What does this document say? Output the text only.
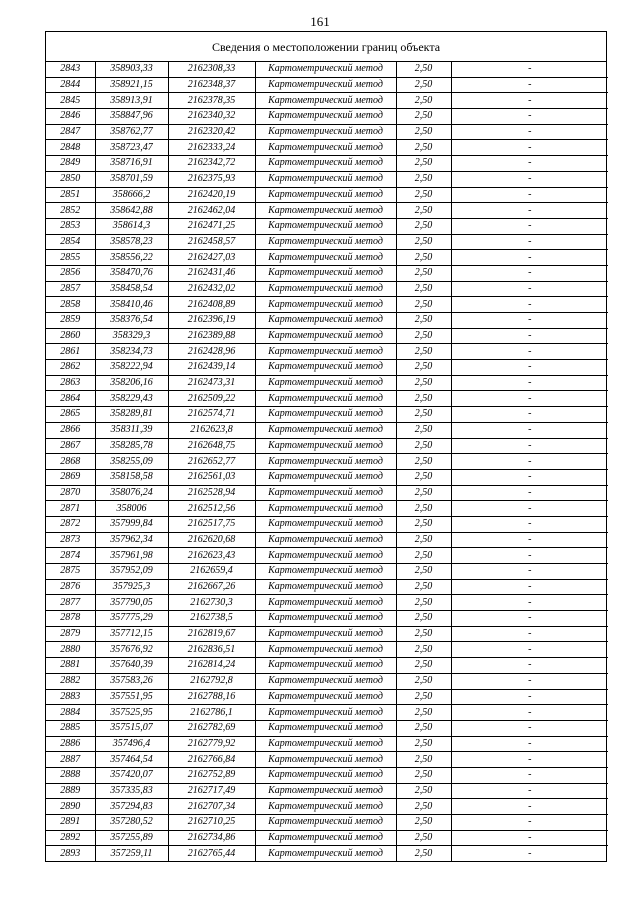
161
Сведения о местоположении границ объекта
2843	358903,33	2162308,33	Картометрический метод	2,50	-
2844	358921,15	2162348,37	Картометрический метод	2,50	-
2845	358913,91	2162378,35	Картометрический метод	2,50	-
2846	358847,96	2162340,32	Картометрический метод	2,50	-
2847	358762,77	2162320,42	Картометрический метод	2,50	-
2848	358723,47	2162333,24	Картометрический метод	2,50	-
2849	358716,91	2162342,72	Картометрический метод	2,50	-
2850	358701,59	2162375,93	Картометрический метод	2,50	-
2851	358666,2	2162420,19	Картометрический метод	2,50	-
2852	358642,88	2162462,04	Картометрический метод	2,50	-
2853	358614,3	2162471,25	Картометрический метод	2,50	-
2854	358578,23	2162458,57	Картометрический метод	2,50	-
2855	358556,22	2162427,03	Картометрический метод	2,50	-
2856	358470,76	2162431,46	Картометрический метод	2,50	-
2857	358458,54	2162432,02	Картометрический метод	2,50	-
2858	358410,46	2162408,89	Картометрический метод	2,50	-
2859	358376,54	2162396,19	Картометрический метод	2,50	-
2860	358329,3	2162389,88	Картометрический метод	2,50	-
2861	358234,73	2162428,96	Картометрический метод	2,50	-
2862	358222,94	2162439,14	Картометрический метод	2,50	-
2863	358206,16	2162473,31	Картометрический метод	2,50	-
2864	358229,43	2162509,22	Картометрический метод	2,50	-
2865	358289,81	2162574,71	Картометрический метод	2,50	-
2866	358311,39	2162623,8	Картометрический метод	2,50	-
2867	358285,78	2162648,75	Картометрический метод	2,50	-
2868	358255,09	2162652,77	Картометрический метод	2,50	-
2869	358158,58	2162561,03	Картометрический метод	2,50	-
2870	358076,24	2162528,94	Картометрический метод	2,50	-
2871	358006	2162512,56	Картометрический метод	2,50	-
2872	357999,84	2162517,75	Картометрический метод	2,50	-
2873	357962,34	2162620,68	Картометрический метод	2,50	-
2874	357961,98	2162623,43	Картометрический метод	2,50	-
2875	357952,09	2162659,4	Картометрический метод	2,50	-
2876	357925,3	2162667,26	Картометрический метод	2,50	-
2877	357790,05	2162730,3	Картометрический метод	2,50	-
2878	357775,29	2162738,5	Картометрический метод	2,50	-
2879	357712,15	2162819,67	Картометрический метод	2,50	-
2880	357676,92	2162836,51	Картометрический метод	2,50	-
2881	357640,39	2162814,24	Картометрический метод	2,50	-
2882	357583,26	2162792,8	Картометрический метод	2,50	-
2883	357551,95	2162788,16	Картометрический метод	2,50	-
2884	357525,95	2162786,1	Картометрический метод	2,50	-
2885	357515,07	2162782,69	Картометрический метод	2,50	-
2886	357496,4	2162779,92	Картометрический метод	2,50	-
2887	357464,54	2162766,84	Картометрический метод	2,50	-
2888	357420,07	2162752,89	Картометрический метод	2,50	-
2889	357335,83	2162717,49	Картометрический метод	2,50	-
2890	357294,83	2162707,34	Картометрический метод	2,50	-
2891	357280,52	2162710,25	Картометрический метод	2,50	-
2892	357255,89	2162734,86	Картометрический метод	2,50	-
2893	357259,11	2162765,44	Картометрический метод	2,50	-
